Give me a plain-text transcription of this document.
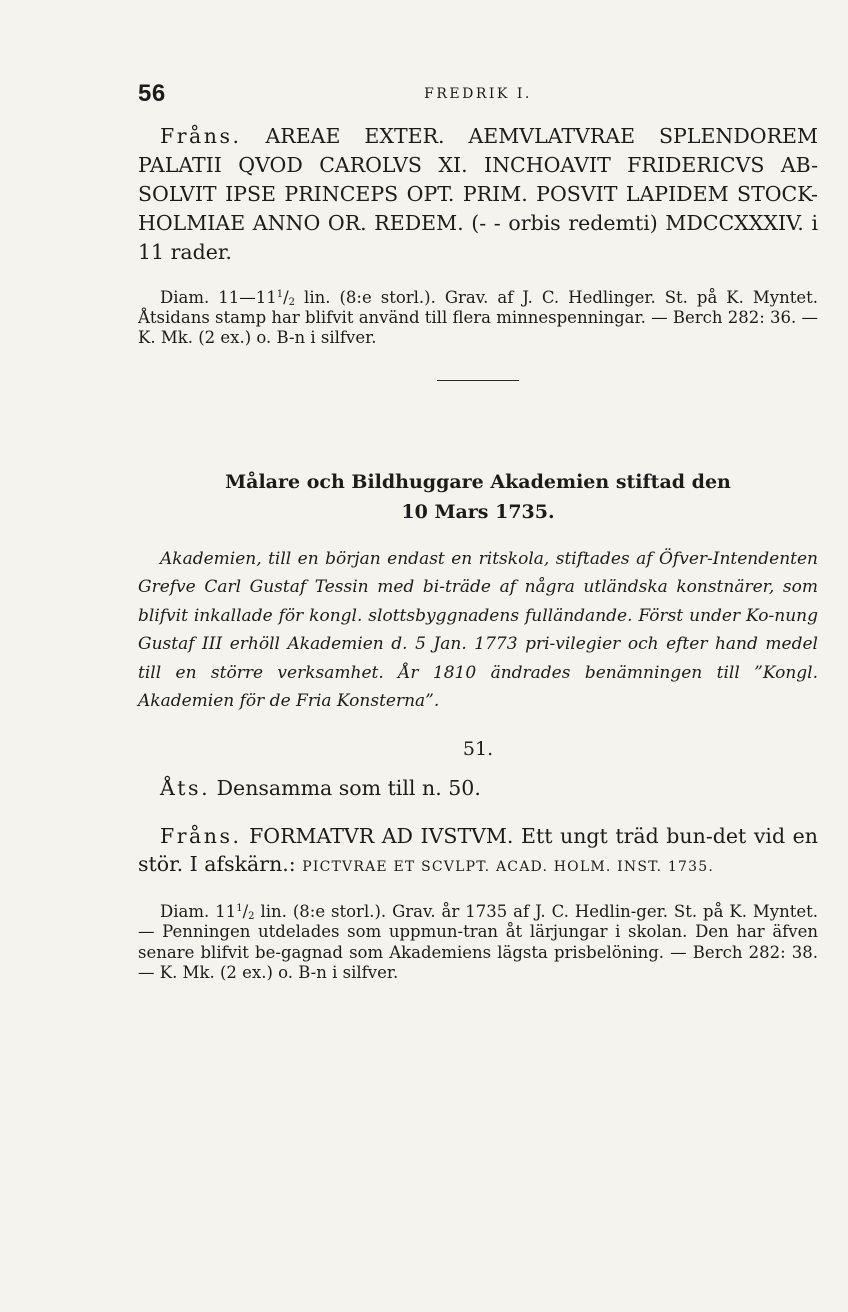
56	FREDRIK I.

Fråns. AREAE EXTER. AEMVLATVRAE SPLENDOREM PALATII QVOD CAROLVS XI. INCHOAVIT FRIDERICVS AB-SOLVIT IPSE PRINCEPS OPT. PRIM. POSVIT LAPIDEM STOCK-HOLMIAE ANNO OR. REDEM. (- - orbis redemti) MDCCXXXIV. i 11 rader.

Diam. $11—11^1/_2$ lin. (8:e storl.). Grav. af J. C. Hedlinger. St. på K. Myntet. Åtsidans stamp har blifvit använd till flera minnespenningar. — Berch 282: 36. — K. Mk. (2 ex.) o. B-n i silfver.

Målare och Bildhuggare Akademien stiftad den
10 Mars 1735.

Akademien, till en början endast en ritskola, stiftades af Öfver-Intendenten Grefve Carl Gustaf Tessin med bi-träde af några utländska konstnärer, som blifvit inkallade för kongl. slottsbyggnadens fulländande. Först under Ko-nung Gustaf III erhöll Akademien d. 5 Jan. 1773 pri-vilegier och efter hand medel till en större verksamhet. År 1810 ändrades benämningen till ”Kongl. Akademien för de Fria Konsterna”.

51.

Åts. Densamma som till n. 50.

Fråns. FORMATVR AD IVSTVM. Ett ungt träd bun-det vid en stör. I afskärn.: PICTVRAE ET SCVLPT. ACAD. HOLM. INST. 1735.

Diam. $11^1/_2$ lin. (8:e storl.). Grav. år 1735 af J. C. Hedlin-ger. St. på K. Myntet. — Penningen utdelades som uppmun-tran åt lärjungar i skolan. Den har äfven senare blifvit be-gagnad som Akademiens lägsta prisbelöning. — Berch 282: 38. — K. Mk. (2 ex.) o. B-n i silfver.
